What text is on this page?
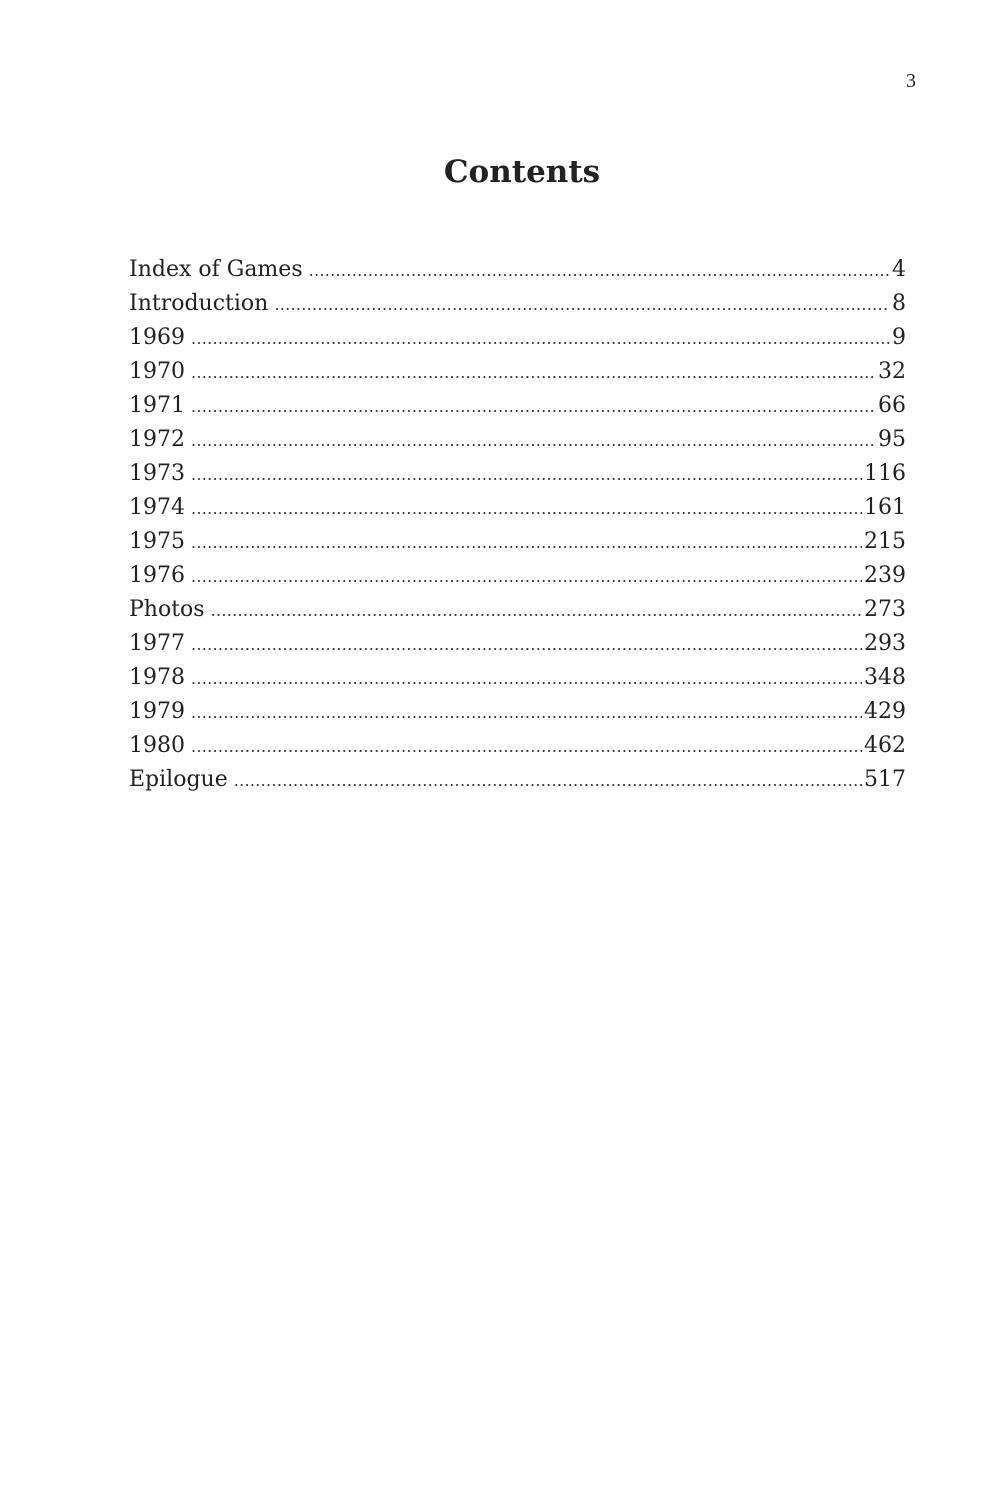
3
Contents
Index of Games .....	4
Introduction .....	8
1969 .....	9
1970 .....	32
1971 .....	66
1972 .....	95
1973 .....	116
1974 .....	161
1975 .....	215
1976 .....	239
Photos .....	273
1977 .....	293
1978 .....	348
1979 .....	429
1980 .....	462
Epilogue .....	517
